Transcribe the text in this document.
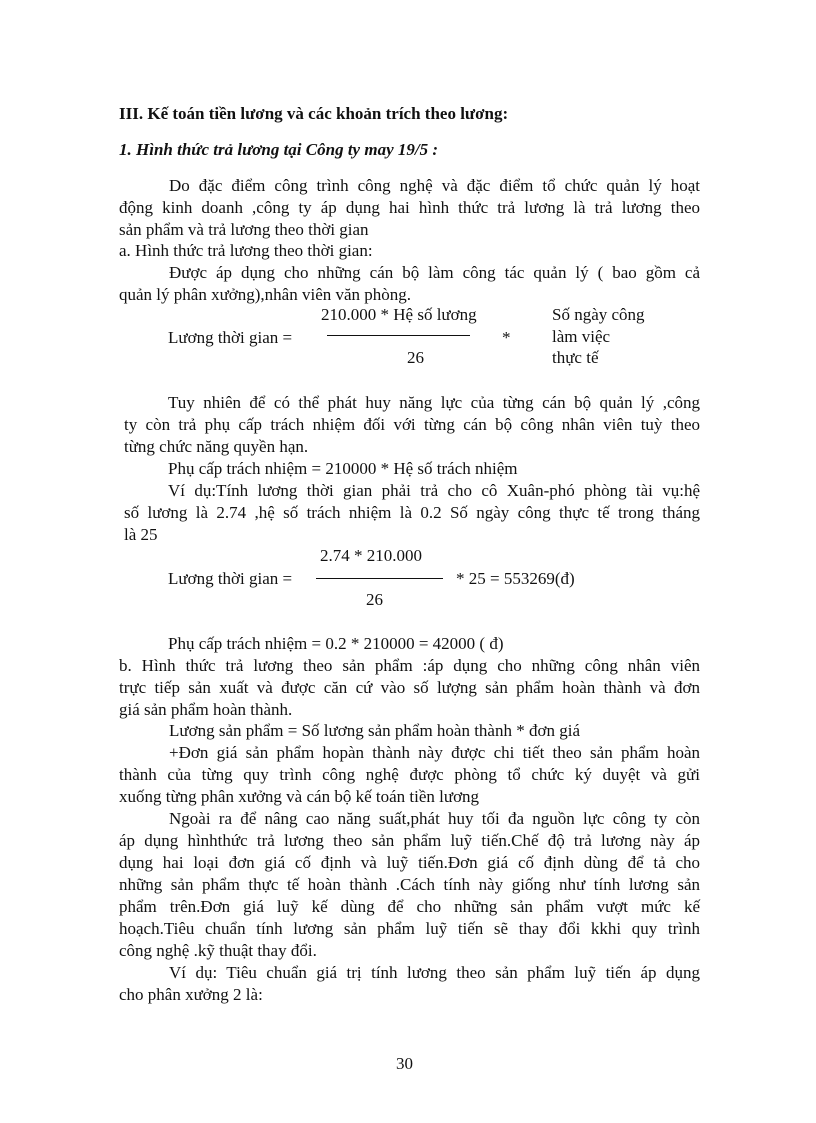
III. Kế toán tiền lương và các khoản trích theo lương:
1. Hình thức trả lương tại Công ty may 19/5 :
Do đặc điểm công trình công nghệ và đặc điểm tổ chức quản lý hoạt
động kinh doanh ,công ty áp dụng hai hình thức trả lương là trả lương theo
sản phẩm và trả lương theo thời gian
a. Hình thức trả lương theo thời gian:
Được áp dụng cho những cán bộ làm công tác quản lý ( bao gồm cả
quản lý phân xưởng),nhân viên văn phòng.
210.000 * Hệ số lương
Lương thời gian =	*
26
Số ngày công
làm việc
thực tế
Tuy nhiên để có thể phát huy năng lực của từng cán bộ quản lý ,công
ty còn trả phụ cấp trách nhiệm đối với từng cán bộ công nhân viên tuỳ theo
từng chức năng quyền hạn.
Phụ cấp trách nhiệm = 210000 * Hệ số trách nhiệm
Ví dụ:Tính lương thời gian phải trả cho cô Xuân-phó phòng tài vụ:hệ
số lương là 2.74 ,hệ số trách nhiệm là 0.2 Số ngày công thực tế trong tháng
là 25
2.74 * 210.000
Lương thời gian =	* 25 = 553269(đ)
26
Phụ cấp trách nhiệm = 0.2 * 210000 = 42000 ( đ)
b. Hình thức trả lương theo sản phẩm :áp dụng cho những công nhân viên
trực tiếp sản xuất và được căn cứ vào số lượng sản phẩm hoàn thành và đơn
giá sản phẩm hoàn thành.
Lương sản phẩm = Số lương sản phẩm hoàn thành * đơn giá
+Đơn giá sản phẩm hopàn thành này được chi tiết theo sản phẩm hoàn
thành của từng quy trình công nghệ được phòng tổ chức ký duyệt và gửi
xuống từng phân xưởng và cán bộ kế toán tiền lương
Ngoài ra để nâng cao năng suất,phát huy tối đa nguồn lực công ty còn
áp dụng hìnhthức trả lương theo sản phẩm luỹ tiến.Chế độ trả lương này áp
dụng hai loại đơn giá cố định và luỹ tiến.Đơn giá cố định dùng để tả cho
những sản phẩm thực tế hoàn thành .Cách tính này giống như tính lương sản
phẩm trên.Đơn giá luỹ kế dùng để cho những sản phẩm vượt mức kế
hoạch.Tiêu chuẩn tính lương sản phẩm luỹ tiến sẽ thay đổi kkhi quy trình
công nghệ .kỹ thuật thay đổi.
Ví dụ: Tiêu chuẩn giá trị tính lương theo sản phẩm luỹ tiến áp dụng
cho phân xưởng 2 là:
30
